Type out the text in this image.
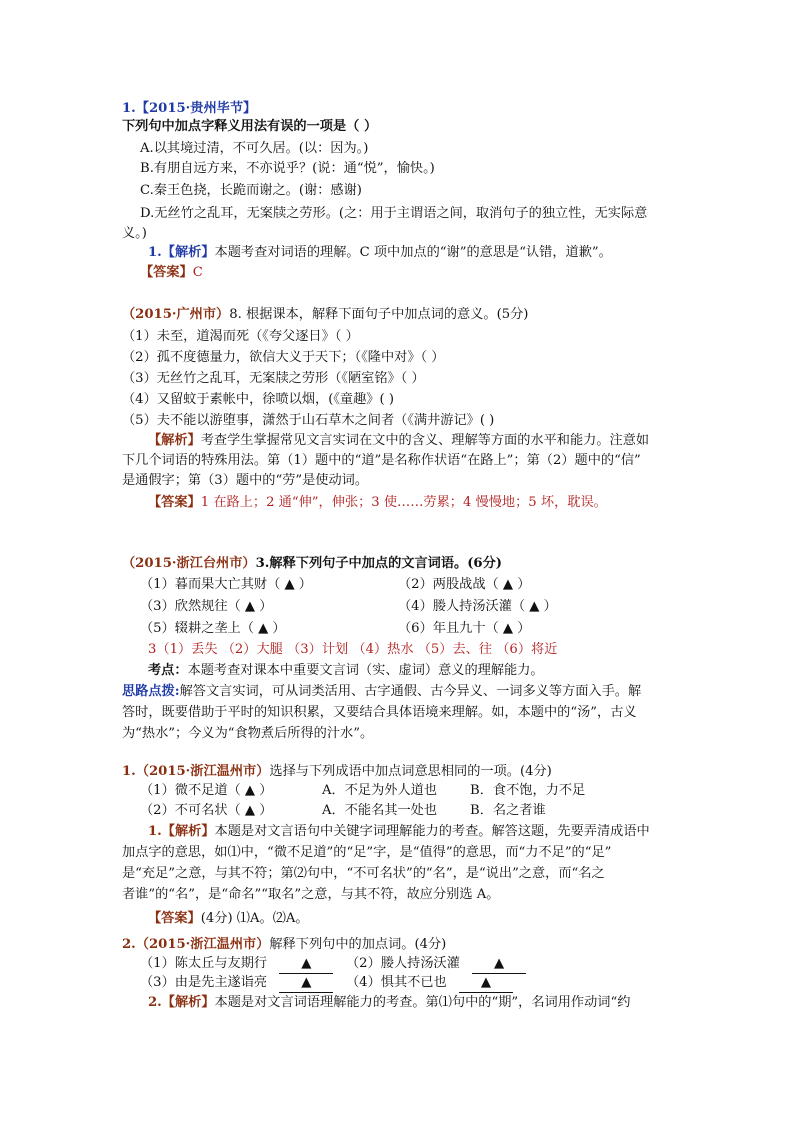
1.【2015·贵州毕节】
下列句中加点字释义用法有误的一项是（ ）
A.以其境过清，不可久居。(以：因为。)
B.有朋自远方来，不亦说乎？(说：通“悦”，愉快。)
C.秦王色挠，长跪而谢之。(谢：感谢)
D.无丝竹之乱耳，无案牍之劳形。(之：用于主谓语之间，取消句子的独立性，无实际意
义。)
1.【解析】本题考查对词语的理解。C 项中加点的“谢”的意思是“认错，道歉”。
【答案】C
（2015·广州市）8. 根据课本，解释下面句子中加点词的意义。(5分)
（1）未至，道渴而死（《夸父逐日》（ ）
（2）孤不度德量力，欲信大义于天下；（《隆中对》（ ）
（3）无丝竹之乱耳，无案牍之劳形（《陋室铭》（ ）
（4）又留蚊于素帐中，徐喷以烟，(《童趣》( )
（5）夫不能以游堕事，潇然于山石草木之间者（《满井游记》( )
【解析】考查学生掌握常见文言实词在文中的含义、理解等方面的水平和能力。注意如
下几个词语的特殊用法。第（1）题中的“道”是名称作状语“在路上”；第（2）题中的“信”
是通假字；第（3）题中的“劳”是使动词。
【答案】1 在路上；2 通“伸”，伸张；3 使……劳累；4 慢慢地；5 坏，耽误。
（2015·浙江台州市）3.解释下列句子中加点的文言词语。(6分)
（1）暮而果大亡其财（ ▲ ）	（2）两股战战（ ▲ ）
（3）欣然规往（ ▲ ）	（4）媵人持汤沃灌（ ▲ ）
（5）辍耕之垄上（ ▲ ）	（6）年且九十（ ▲ ）
3（1）丢失 （2）大腿 （3）计划 （4）热水 （5）去、往 （6）将近
考点：本题考查对课本中重要文言词（实、虚词）意义的理解能力。
思路点拨:解答文言实词，可从词类活用、古字通假、古今异义、一词多义等方面入手。解
答时，既要借助于平时的知识积累，又要结合具体语境来理解。如，本题中的“汤”，古义
为“热水”；今义为“食物煮后所得的汁水”。
1.（2015·浙江温州市）选择与下列成语中加点词意思相同的一项。(4分)
（1）微不足道（ ▲ ）	A．不足为外人道也 B．食不饱，力不足
（2）不可名状（ ▲ ）	A．不能名其一处也 B．名之者谁
1.【解析】本题是对文言语句中关键字词理解能力的考查。解答这题，先要弄清成语中
加点字的意思，如⑴中，“微不足道”的“足”字，是“值得”的意思，而“力不足”的“足”
是“充足”之意，与其不符；第⑵句中，“不可名状”的“名”，是“说出”之意，而“名之
者谁”的“名”，是“命名”“取名”之意，与其不符，故应分别选 A。
【答案】(4分) ⑴A。⑵A。
2.（2015·浙江温州市）解释下列句中的加点词。(4分)
（1）陈太丘与友期行	▲	（2）媵人持汤沃灌	▲
（3）由是先主遂诣亮	▲	（4）惧其不已也	▲
2.【解析】本题是对文言词语理解能力的考查。第⑴句中的“期”，名词用作动词“约
